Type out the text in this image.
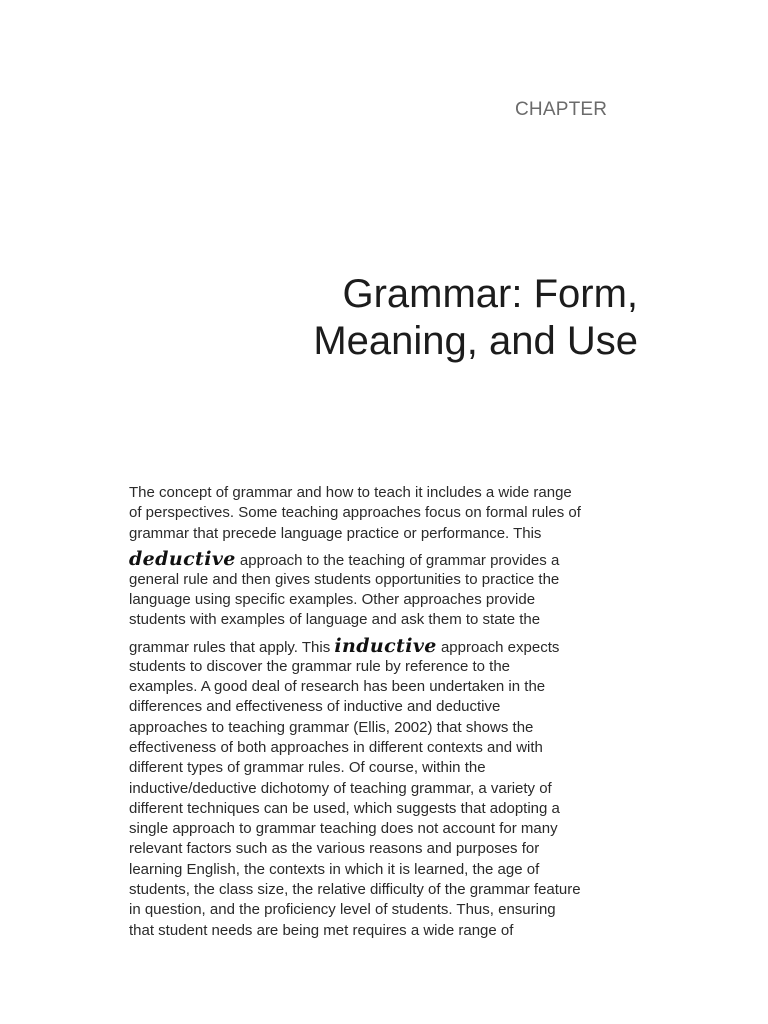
CHAPTER
Grammar: Form,
Meaning, and Use
The concept of grammar and how to teach it includes a wide range
of perspectives. Some teaching approaches focus on formal rules of
grammar that precede language practice or performance. This
deductive approach to the teaching of grammar provides a
general rule and then gives students opportunities to practice the
language using specific examples. Other approaches provide
students with examples of language and ask them to state the
grammar rules that apply. This inductive approach expects
students to discover the grammar rule by reference to the
examples. A good deal of research has been undertaken in the
differences and effectiveness of inductive and deductive
approaches to teaching grammar (Ellis, 2002) that shows the
effectiveness of both approaches in different contexts and with
different types of grammar rules. Of course, within the
inductive/deductive dichotomy of teaching grammar, a variety of
different techniques can be used, which suggests that adopting a
single approach to grammar teaching does not account for many
relevant factors such as the various reasons and purposes for
learning English, the contexts in which it is learned, the age of
students, the class size, the relative difficulty of the grammar feature
in question, and the proficiency level of students. Thus, ensuring
that student needs are being met requires a wide range of
